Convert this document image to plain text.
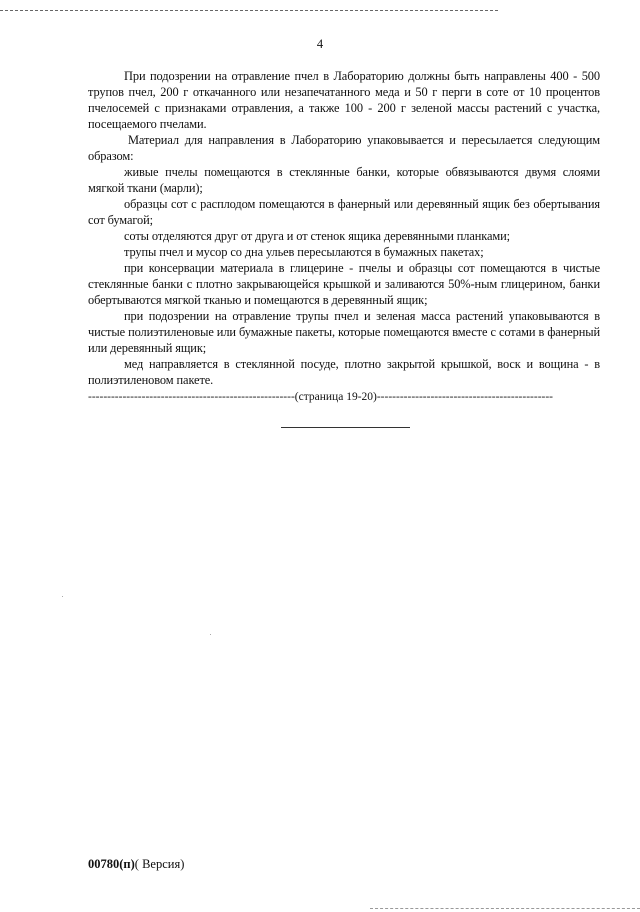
4

При подозрении на отравление пчел в Лабораторию должны быть направлены 400 - 500 трупов пчел, 200 г откачанного или незапечатанного меда и 50 г перги в соте от 10 процентов пчелосемей с признаками отравления, а также 100 - 200 г зеленой массы растений с участка, посещаемого пчелами.

Материал для направления в Лабораторию упаковывается и пересылается следующим образом:

живые пчелы помещаются в стеклянные банки, которые обвязываются двумя слоями мягкой ткани (марли);

образцы сот с расплодом помещаются в фанерный или деревянный ящик без обертывания сот бумагой;

соты отделяются друг от друга и от стенок ящика деревянными планками;

трупы пчел и мусор со дна ульев пересылаются в бумажных пакетах;

при консервации материала в глицерине - пчелы и образцы сот помещаются в чистые стеклянные банки с плотно закрывающейся крышкой и заливаются 50%-ным глицерином, банки обертываются мягкой тканью и помещаются в деревянный ящик;

при подозрении на отравление трупы пчел и зеленая масса растений упаковываются в чистые полиэтиленовые или бумажные пакеты, которые помещаются вместе с сотами в фанерный или деревянный ящик;

мед направляется в стеклянной посуде, плотно закрытой крышкой, воск и вощина - в полиэтиленовом пакете.

------------------------------------------------------(страница 19-20)----------------------------------------------
00780(п)( Версия)
